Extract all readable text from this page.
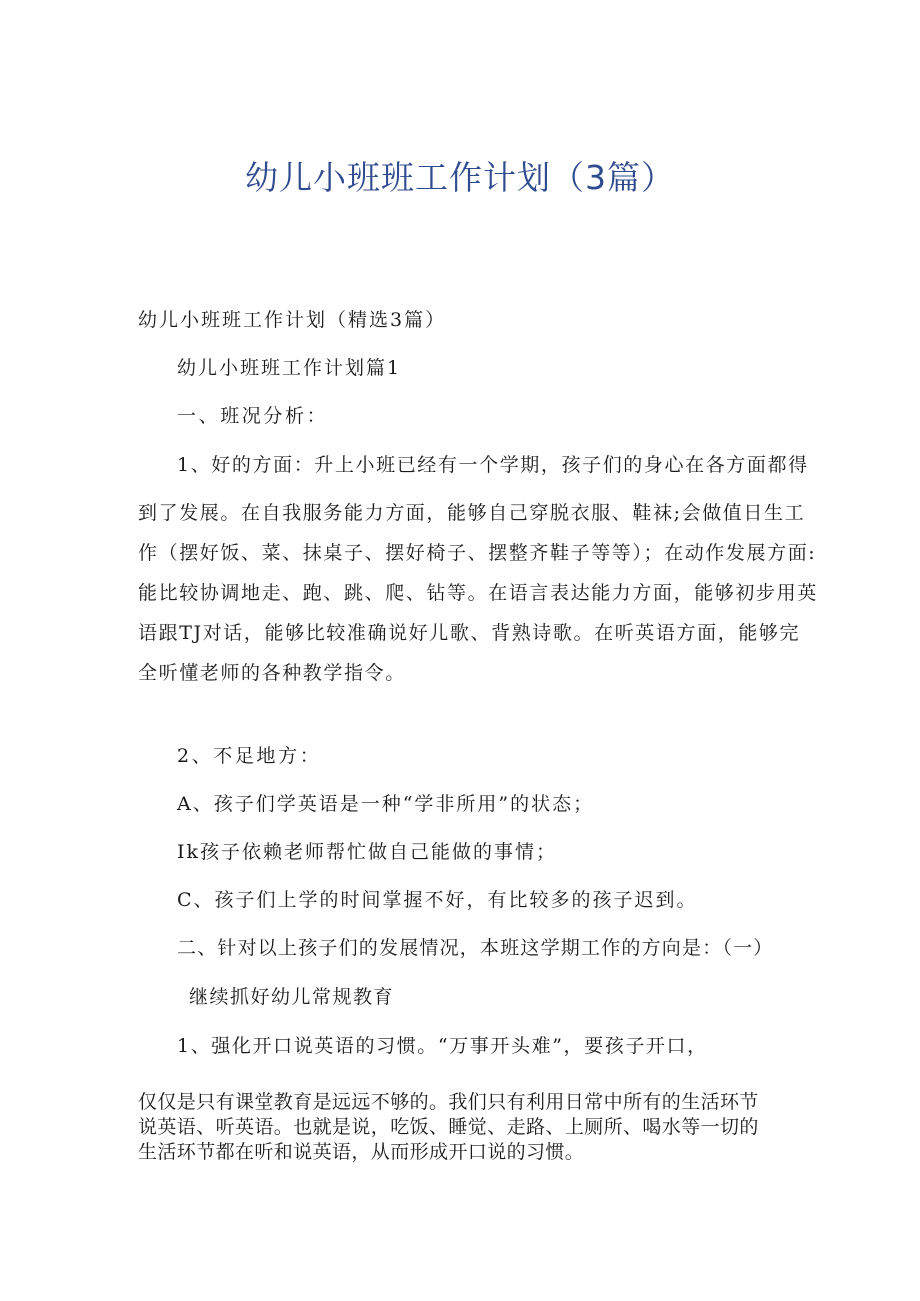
幼儿小班班工作计划（3篇）

幼儿小班班工作计划（精选3篇）

幼儿小班班工作计划篇1

一、班况分析：

1、好的方面：升上小班已经有一个学期，孩子们的身心在各方面都得
到了发展。在自我服务能力方面，能够自己穿脱衣服、鞋袜;会做值日生工
作（摆好饭、菜、抹桌子、摆好椅子、摆整齐鞋子等等）；在动作发展方面:
能比较协调地走、跑、跳、爬、钻等。在语言表达能力方面，能够初步用英
语跟TJ对话，能够比较准确说好儿歌、背熟诗歌。在听英语方面，能够完
全听懂老师的各种教学指令。

2、不足地方：

A、孩子们学英语是一种“学非所用”的状态；

Ik孩子依赖老师帮忙做自己能做的事情；

C、孩子们上学的时间掌握不好，有比较多的孩子迟到。

二、针对以上孩子们的发展情况，本班这学期工作的方向是：（一）

继续抓好幼儿常规教育

1、强化开口说英语的习惯。“万事开头难”，要孩子开口，

仅仅是只有课堂教育是远远不够的。我们只有利用日常中所有的生活环节
说英语、听英语。也就是说，吃饭、睡觉、走路、上厕所、喝水等一切的
生活环节都在听和说英语，从而形成开口说的习惯。
